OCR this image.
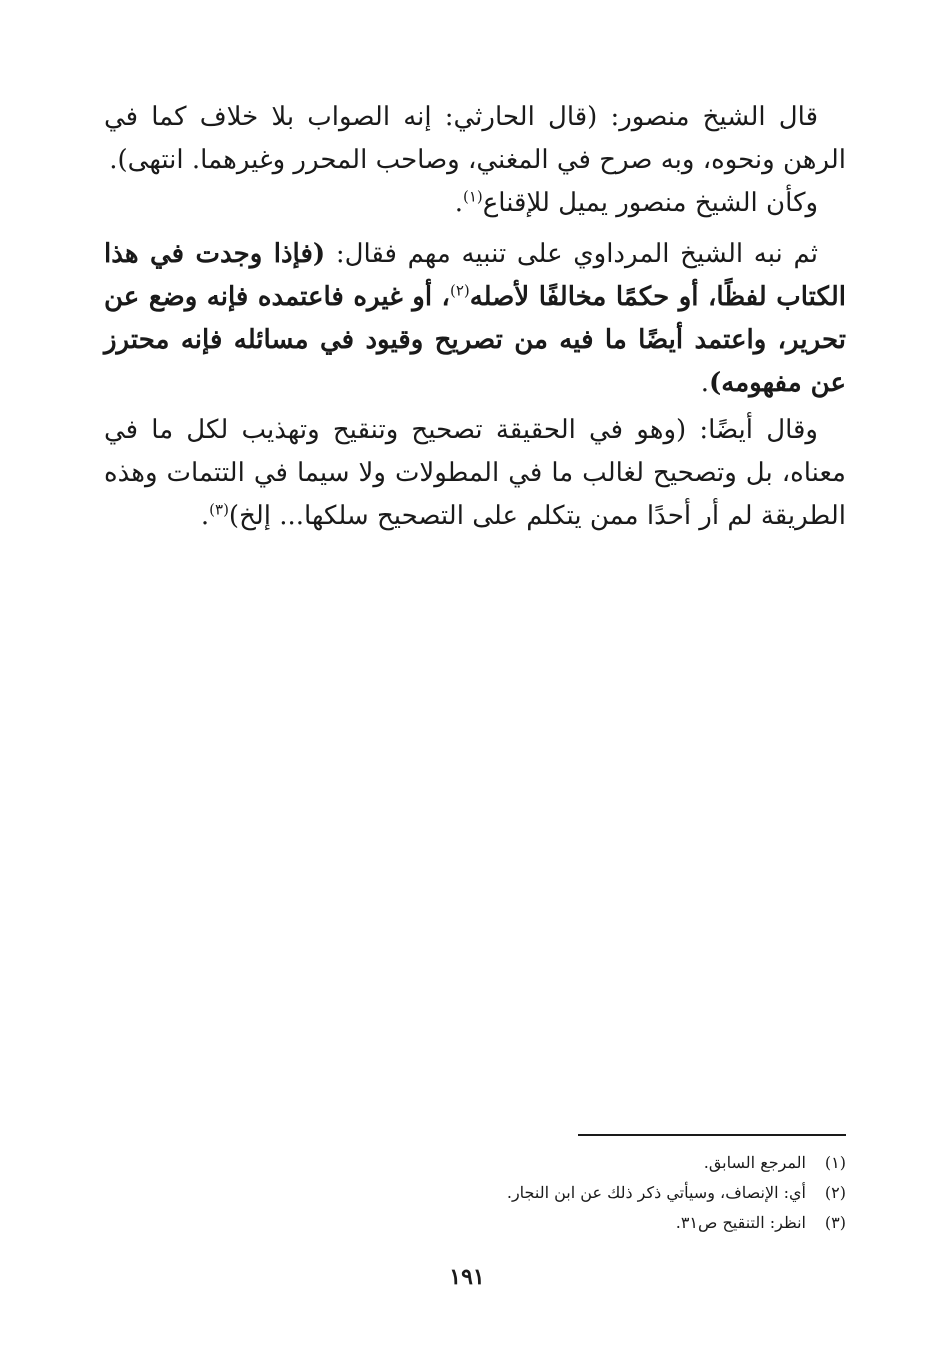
قال الشيخ منصور: (قال الحارثي: إنه الصواب بلا خلاف كما في الرهن ونحوه، وبه صرح في المغني، وصاحب المحرر وغيرهما. انتهى).

وكأن الشيخ منصور يميل للإقناع$^{(١)}$.

ثم نبه الشيخ المرداوي على تنبيه مهم فقال: (فإذا وجدت في هذا الكتاب لفظًا، أو حكمًا مخالفًا لأصله$^{(٢)}$، أو غيره فاعتمده فإنه وضع عن تحرير، واعتمد أيضًا ما فيه من تصريح وقيود في مسائله فإنه محترز عن مفهومه).

وقال أيضًا: (وهو في الحقيقة تصحيح وتنقيح وتهذيب لكل ما في معناه، بل وتصحيح لغالب ما في المطولات ولا سيما في التتمات وهذه الطريقة لم أر أحدًا ممن يتكلم على التصحيح سلكها... إلخ)$^{(٣)}$.

(١)المرجع السابق.
(٢)أي: الإنصاف، وسيأتي ذكر ذلك عن ابن النجار.
(٣)انظر: التنقيح ص٣١.
١٩١
